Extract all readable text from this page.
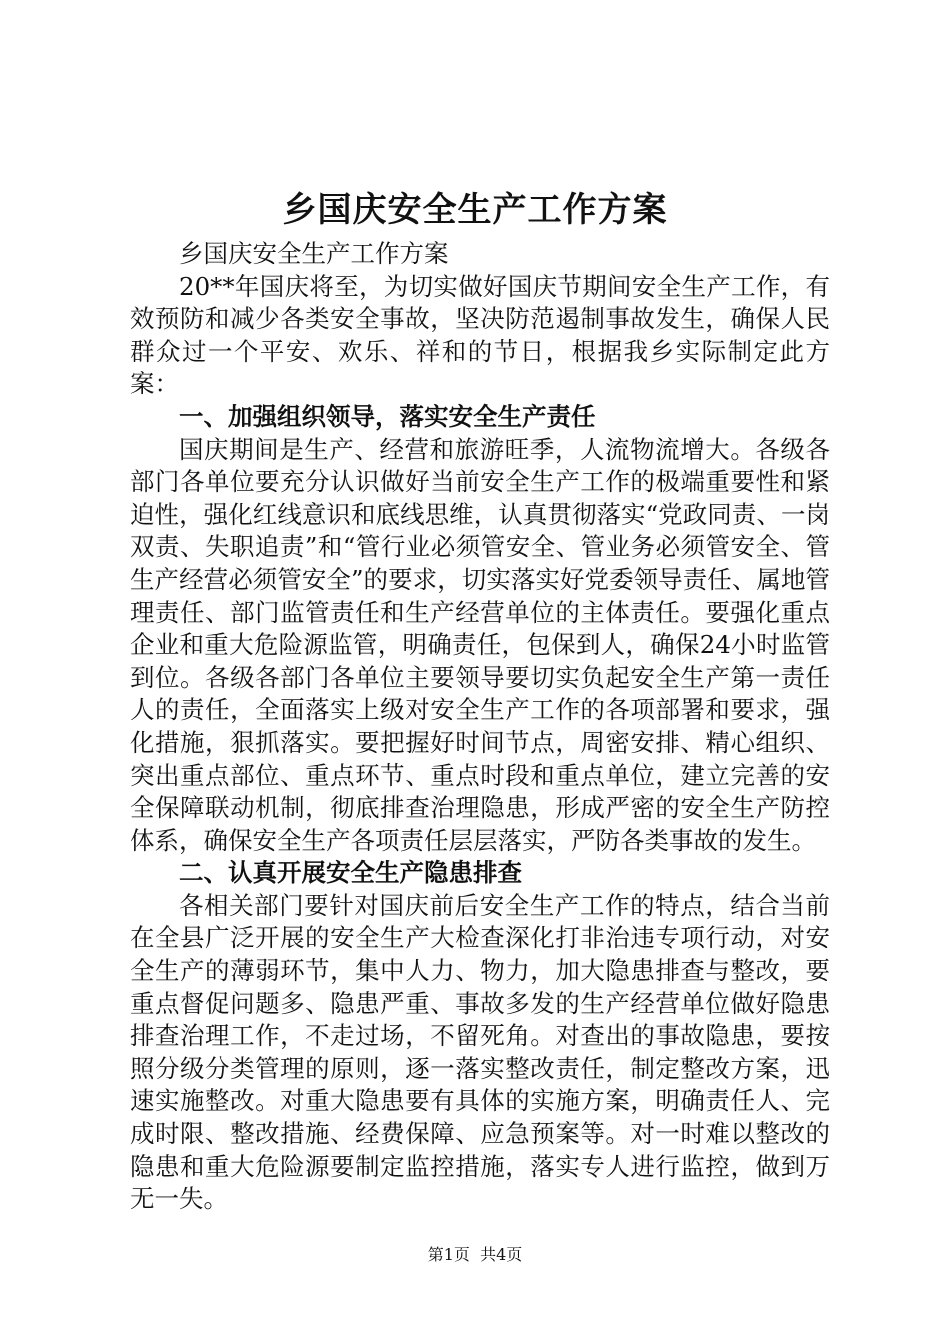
乡国庆安全生产工作方案

乡国庆安全生产工作方案

20**年国庆将至，为切实做好国庆节期间安全生产工作，有效预防和减少各类安全事故，坚决防范遏制事故发生，确保人民群众过一个平安、欢乐、祥和的节日，根据我乡实际制定此方案：

一、加强组织领导，落实安全生产责任

国庆期间是生产、经营和旅游旺季，人流物流增大。各级各部门各单位要充分认识做好当前安全生产工作的极端重要性和紧迫性，强化红线意识和底线思维，认真贯彻落实“党政同责、一岗双责、失职追责”和“管行业必须管安全、管业务必须管安全、管生产经营必须管安全”的要求，切实落实好党委领导责任、属地管理责任、部门监管责任和生产经营单位的主体责任。要强化重点企业和重大危险源监管，明确责任，包保到人，确保24小时监管到位。各级各部门各单位主要领导要切实负起安全生产第一责任人的责任，全面落实上级对安全生产工作的各项部署和要求，强化措施，狠抓落实。要把握好时间节点，周密安排、精心组织、突出重点部位、重点环节、重点时段和重点单位，建立完善的安全保障联动机制，彻底排查治理隐患，形成严密的安全生产防控体系，确保安全生产各项责任层层落实，严防各类事故的发生。

二、认真开展安全生产隐患排查

各相关部门要针对国庆前后安全生产工作的特点，结合当前在全县广泛开展的安全生产大检查深化打非治违专项行动，对安全生产的薄弱环节，集中人力、物力，加大隐患排查与整改，要重点督促问题多、隐患严重、事故多发的生产经营单位做好隐患排查治理工作，不走过场，不留死角。对查出的事故隐患，要按照分级分类管理的原则，逐一落实整改责任，制定整改方案，迅速实施整改。对重大隐患要有具体的实施方案，明确责任人、完成时限、整改措施、经费保障、应急预案等。对一时难以整改的隐患和重大危险源要制定监控措施，落实专人进行监控，做到万无一失。

第1页  共4页
